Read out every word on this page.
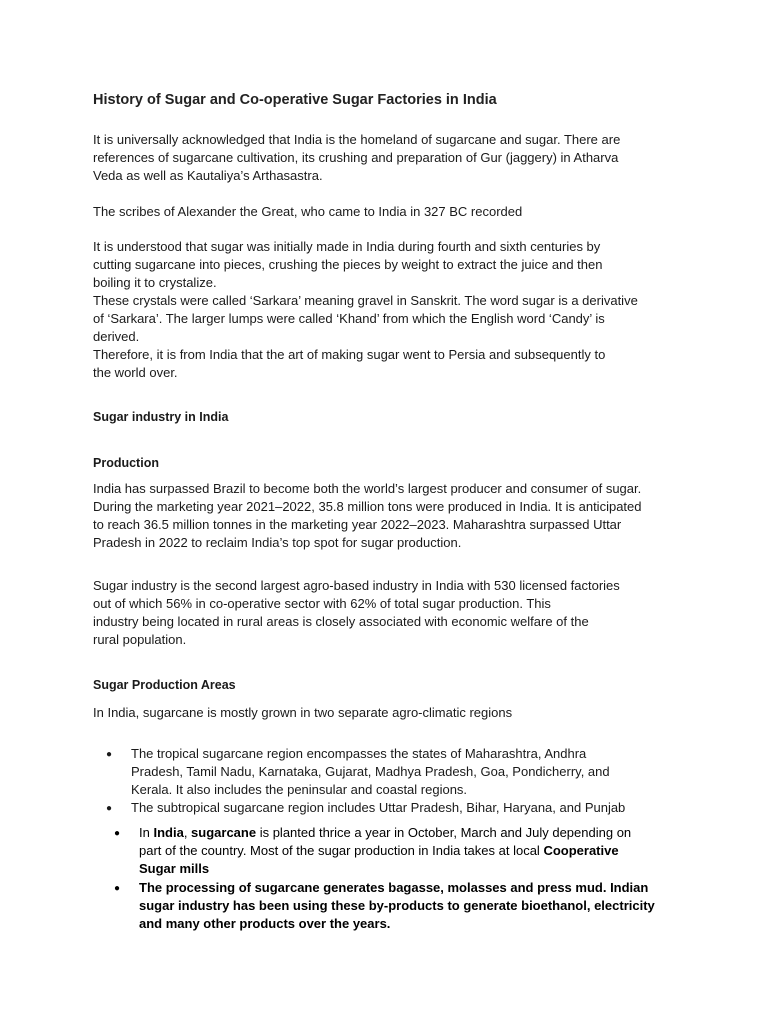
History of Sugar and Co-operative Sugar Factories in India

It is universally acknowledged that India is the homeland of sugarcane and sugar. There are
references of sugarcane cultivation, its crushing and preparation of Gur (jaggery) in Atharva
Veda as well as Kautaliya’s Arthasastra.

The scribes of Alexander the Great, who came to India in 327 BC recorded

It is understood that sugar was initially made in India during fourth and sixth centuries by
cutting sugarcane into pieces, crushing the pieces by weight to extract the juice and then
boiling it to crystalize.
These crystals were called ‘Sarkara’ meaning gravel in Sanskrit. The word sugar is a derivative
of ‘Sarkara’. The larger lumps were called ‘Khand’ from which the English word ‘Candy’ is
derived.
Therefore, it is from India that the art of making sugar went to Persia and subsequently to
the world over.

Sugar industry in India

Production

India has surpassed Brazil to become both the world’s largest producer and consumer of sugar.
During the marketing year 2021–2022, 35.8 million tons were produced in India. It is anticipated
to reach 36.5 million tonnes in the marketing year 2022–2023. Maharashtra surpassed Uttar
Pradesh in 2022 to reclaim India’s top spot for sugar production.

Sugar industry is the second largest agro-based industry in India with 530 licensed factories
out of which 56% in co-operative sector with 62% of total sugar production. This
industry being located in rural areas is closely associated with economic welfare of the
rural population.

Sugar Production Areas

In India, sugarcane is mostly grown in two separate agro-climatic regions

● The tropical sugarcane region encompasses the states of Maharashtra, Andhra
Pradesh, Tamil Nadu, Karnataka, Gujarat, Madhya Pradesh, Goa, Pondicherry, and
Kerala. It also includes the peninsular and coastal regions.

● The subtropical sugarcane region includes Uttar Pradesh, Bihar, Haryana, and Punjab

● In India, sugarcane is planted thrice a year in October, March and July depending on
part of the country. Most of the sugar production in India takes at local Cooperative
Sugar mills

● The processing of sugarcane generates bagasse, molasses and press mud. Indian
sugar industry has been using these by-products to generate bioethanol, electricity
and many other products over the years.
